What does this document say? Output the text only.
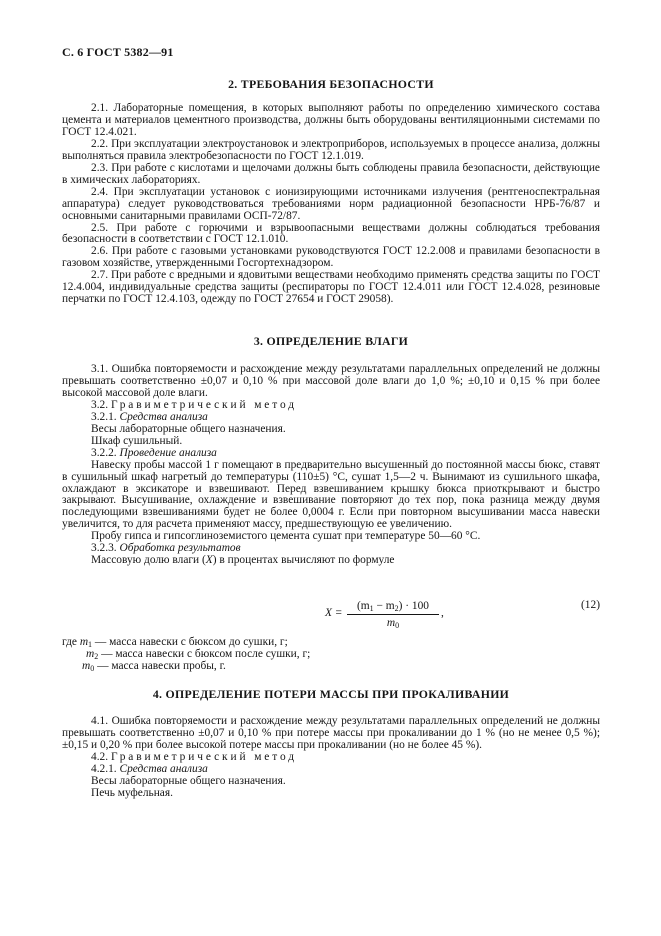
С. 6 ГОСТ 5382—91
2. ТРЕБОВАНИЯ БЕЗОПАСНОСТИ

2.1. Лабораторные помещения, в которых выполняют работы по определению химического состава цемента и материалов цементного производства, должны быть оборудованы вентиляционными системами по ГОСТ 12.4.021.

2.2. При эксплуатации электроустановок и электроприборов, используемых в процессе анализа, должны выполняться правила электробезопасности по ГОСТ 12.1.019.

2.3. При работе с кислотами и щелочами должны быть соблюдены правила безопасности, действующие в химических лабораториях.

2.4. При эксплуатации установок с ионизирующими источниками излучения (рентгеноспектральная аппаратура) следует руководствоваться требованиями норм радиационной безопасности НРБ-76/87 и основными санитарными правилами ОСП-72/87.

2.5. При работе с горючими и взрывоопасными веществами должны соблюдаться требования безопасности в соответствии с ГОСТ 12.1.010.

2.6. При работе с газовыми установками руководствуются ГОСТ 12.2.008 и правилами безопасности в газовом хозяйстве, утвержденными Госгортехнадзором.

2.7. При работе с вредными и ядовитыми веществами необходимо применять средства защиты по ГОСТ 12.4.004, индивидуальные средства защиты (респираторы по ГОСТ 12.4.011 или ГОСТ 12.4.028, резиновые перчатки по ГОСТ 12.4.103, одежду по ГОСТ 27654 и ГОСТ 29058).

3. ОПРЕДЕЛЕНИЕ ВЛАГИ

3.1. Ошибка повторяемости и расхождение между результатами параллельных определений не должны превышать соответственно ±0,07 и 0,10 % при массовой доле влаги до 1,0 %; ±0,10 и 0,15 % при более высокой массовой доле влаги.

3.2. Гравиметрический метод

3.2.1. Средства анализа

Весы лабораторные общего назначения.

Шкаф сушильный.

3.2.2. Проведение анализа

Навеску пробы массой 1 г помещают в предварительно высушенный до постоянной массы бюкс, ставят в сушильный шкаф нагретый до температуры (110±5) °С, сушат 1,5—2 ч. Вынимают из сушильного шкафа, охлаждают в эксикаторе и взвешивают. Перед взвешиванием крышку бюкса приоткрывают и быстро закрывают. Высушивание, охлаждение и взвешивание повторяют до тех пор, пока разница между двумя последующими взвешиваниями будет не более 0,0004 г. Если при повторном высушивании масса навески увеличится, то для расчета применяют массу, предшествующую ее увеличению.

Пробу гипса и гипсоглиноземистого цемента сушат при температуре 50—60 °С.

3.2.3. Обработка результатов

Массовую долю влаги (X) в процентах вычисляют по формуле

X =
$(m_1 - m_2) \cdot 100$
$m_0$
,
(12)
где $m_1$ — масса навески с бюксом до сушки, г;
$m_2$ — масса навески с бюксом после сушки, г;
$m_0$ — масса навески пробы, г.
4. ОПРЕДЕЛЕНИЕ ПОТЕРИ МАССЫ ПРИ ПРОКАЛИВАНИИ

4.1. Ошибка повторяемости и расхождение между результатами параллельных определений не должны превышать соответственно ±0,07 и 0,10 % при потере массы при прокаливании до 1 % (но не менее 0,5 %); ±0,15 и 0,20 % при более высокой потере массы при прокаливании (но не более 45 %).

4.2. Гравиметрический метод

4.2.1. Средства анализа

Весы лабораторные общего назначения.

Печь муфельная.
